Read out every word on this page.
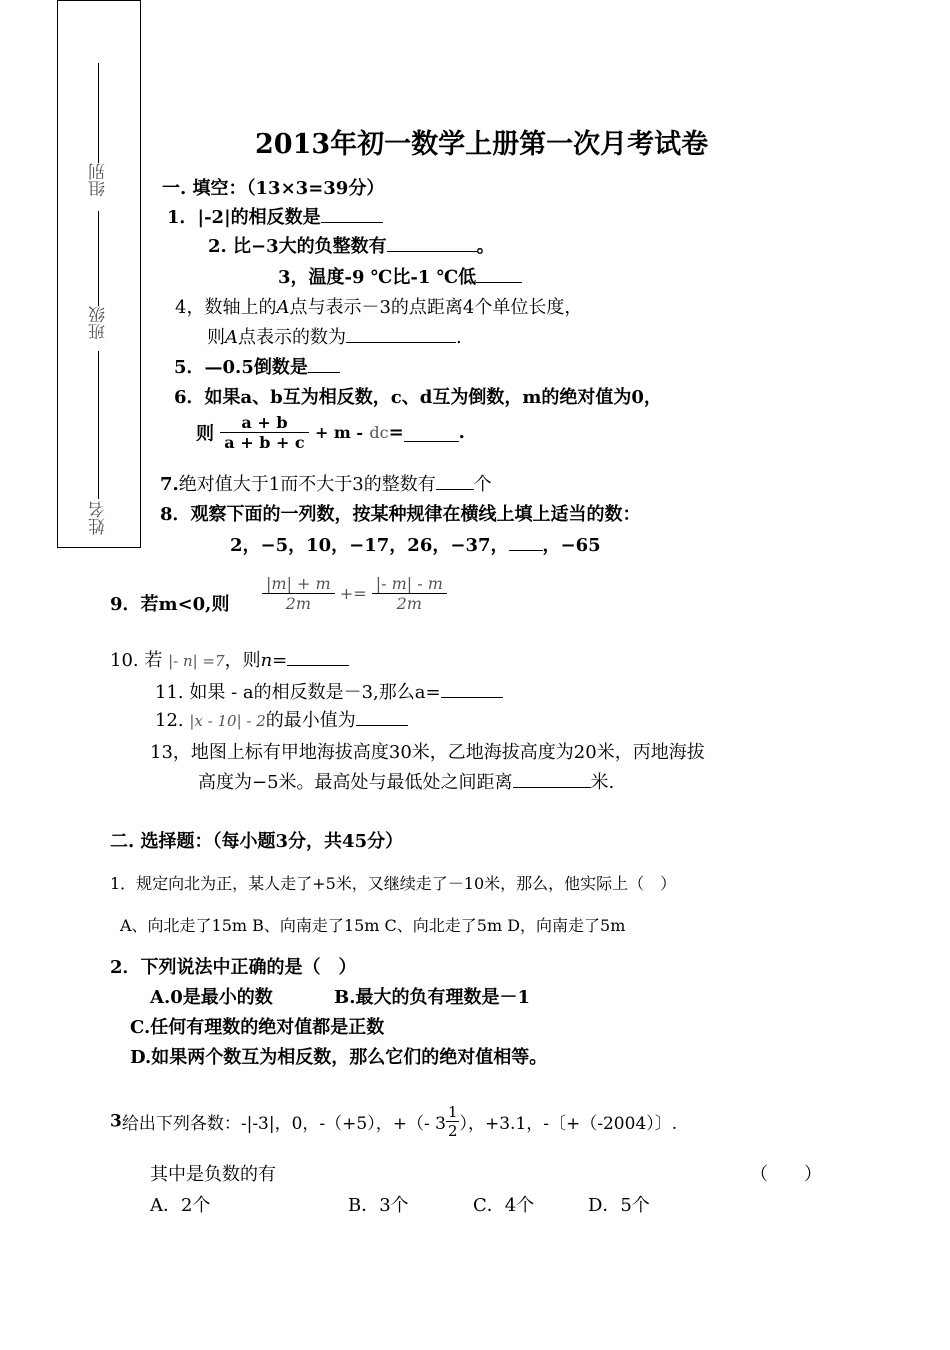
组别
班级
姓名
2013年初一数学上册第一次月考试卷
一. 填空：（13×3=39分）
1．|-2|的相反数是
2. 比−3大的负整数有	。
3，温度-9 ℃比-1 ℃低
4，数轴上的A点与表示－3的点距离4个单位长度，
则A点表示的数为	.
5．—0.5倒数是
6．如果a、b互为相反数，c、d互为倒数，m的绝对值为0，
则 $\frac{a + b}{a + b + c} + m - dc=$	.
7.绝对值大于1而不大于3的整数有 个
8．观察下面的一列数，按某种规律在横线上填上适当的数：
2，−5，10，−17，26，−37， ，−65
9．若m<0,则 $\frac{|m| + m}{2m} += \frac{|- m| - m}{2m}$
10. 若 |- n| =7，则n=
11. 如果 - a的相反数是－3,那么a=
12. |x - 10| - 2的最小值为
13，地图上标有甲地海拔高度30米，乙地海拔高度为20米，丙地海拔
高度为−5米。最高处与最低处之间距离	米.
二. 选择题：（每小题3分，共45分）
1．规定向北为正，某人走了+5米，又继续走了－10米，那么，他实际上（　）
A、向北走了15m B、向南走了15m C、向北走了5m D，向南走了5m
2．下列说法中正确的是（　）
A.0是最小的数	B.最大的负有理数是－1
C.任何有理数的绝对值都是正数
D.如果两个数互为相反数，那么它们的绝对值相等。
3给出下列各数：-|-3|，0，-（+5），+（- $3 \frac{1}{2}$ ），+3.1，-〔+（-2004）〕.
其中是负数的有	（　　）
A．2个	B．3个	C．4个	D．5个
